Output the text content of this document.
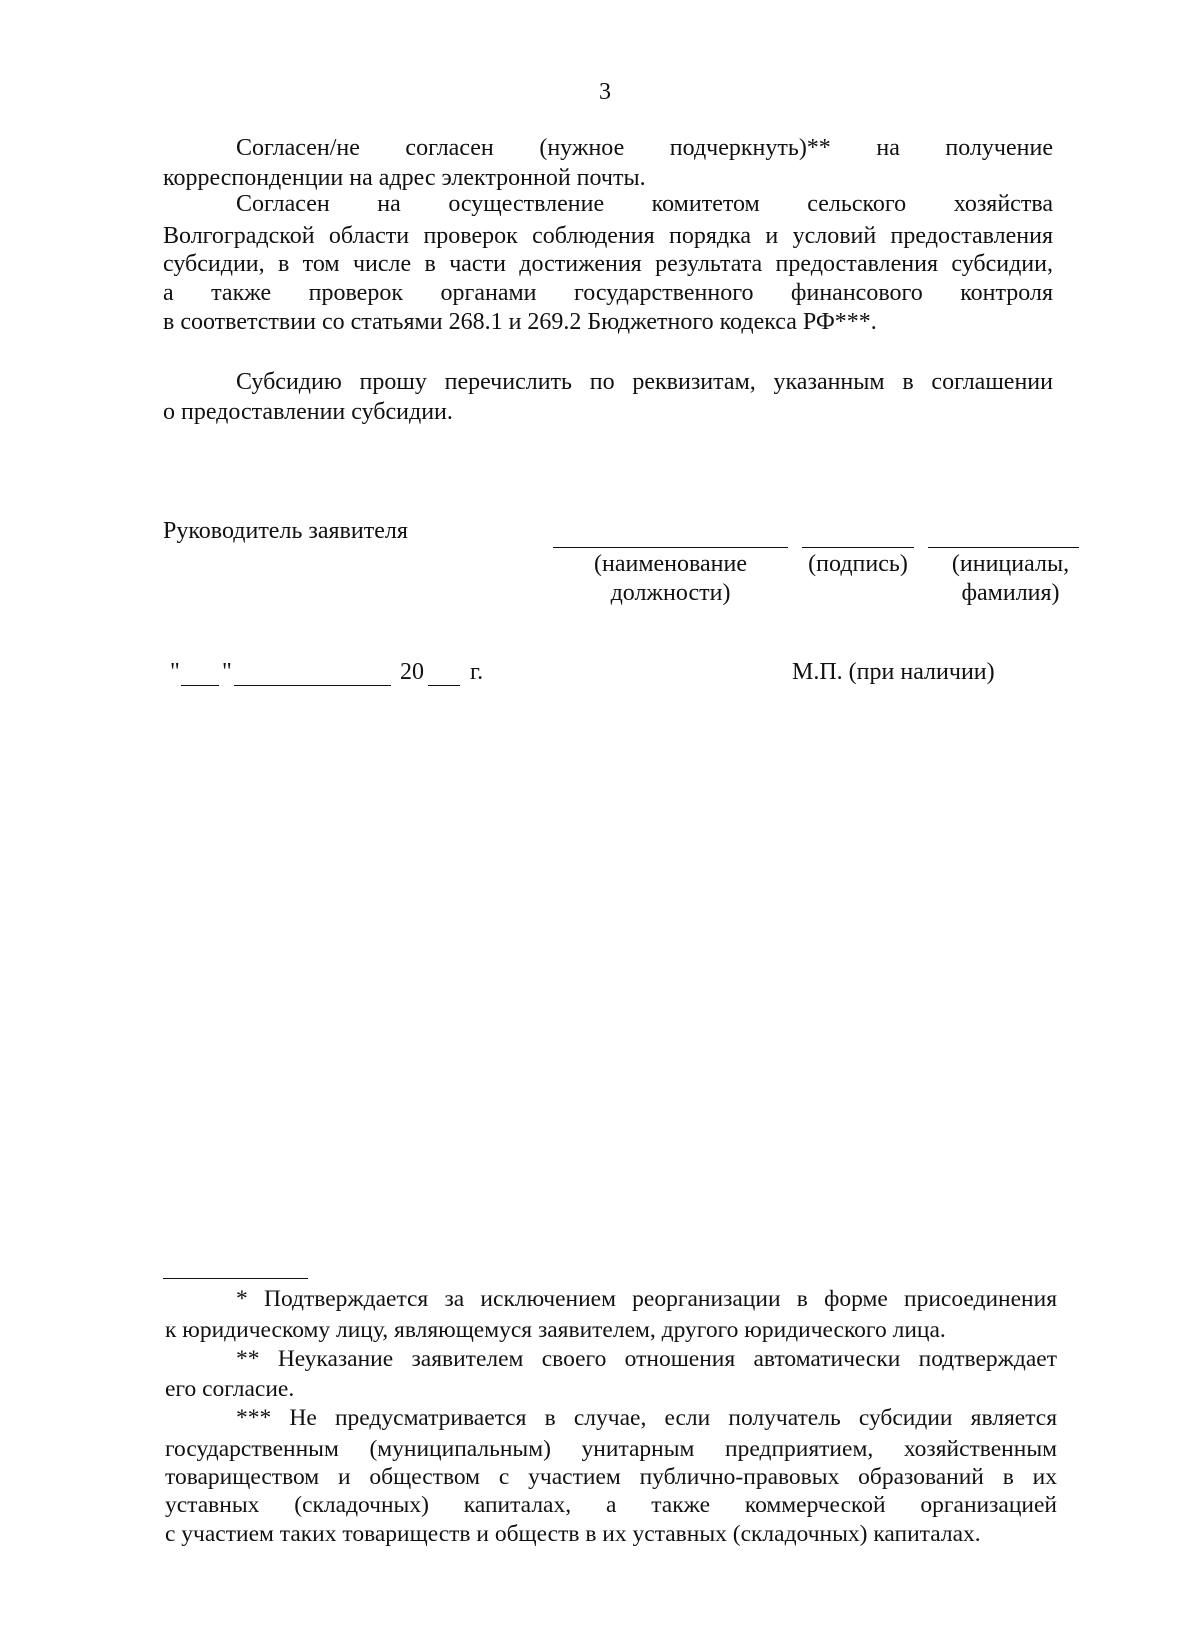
3
Согласен/не согласен (нужное подчеркнуть)** на получение
корреспонденции на адрес электронной почты.
Согласен на осуществление комитетом сельского хозяйства
Волгоградской области проверок соблюдения порядка и условий предоставления
субсидии, в том числе в части достижения результата предоставления субсидии,
а также проверок органами государственного финансового контроля
в соответствии со статьями 268.1 и 269.2 Бюджетного кодекса РФ***.
Субсидию прошу перечислить по реквизитам, указанным в соглашении
о предоставлении субсидии.
Руководитель заявителя
(наименование
должности)
(подпись)	(инициалы,
фамилия)
" "	20 г.	М.П. (при наличии)
* Подтверждается за исключением реорганизации в форме присоединения
к юридическому лицу, являющемуся заявителем, другого юридического лица.
** Неуказание заявителем своего отношения автоматически подтверждает
его согласие.
*** Не предусматривается в случае, если получатель субсидии является
государственным (муниципальным) унитарным предприятием, хозяйственным
товариществом и обществом с участием публично-правовых образований в их
уставных (складочных) капиталах, а также коммерческой организацией
с участием таких товариществ и обществ в их уставных (складочных) капиталах.
